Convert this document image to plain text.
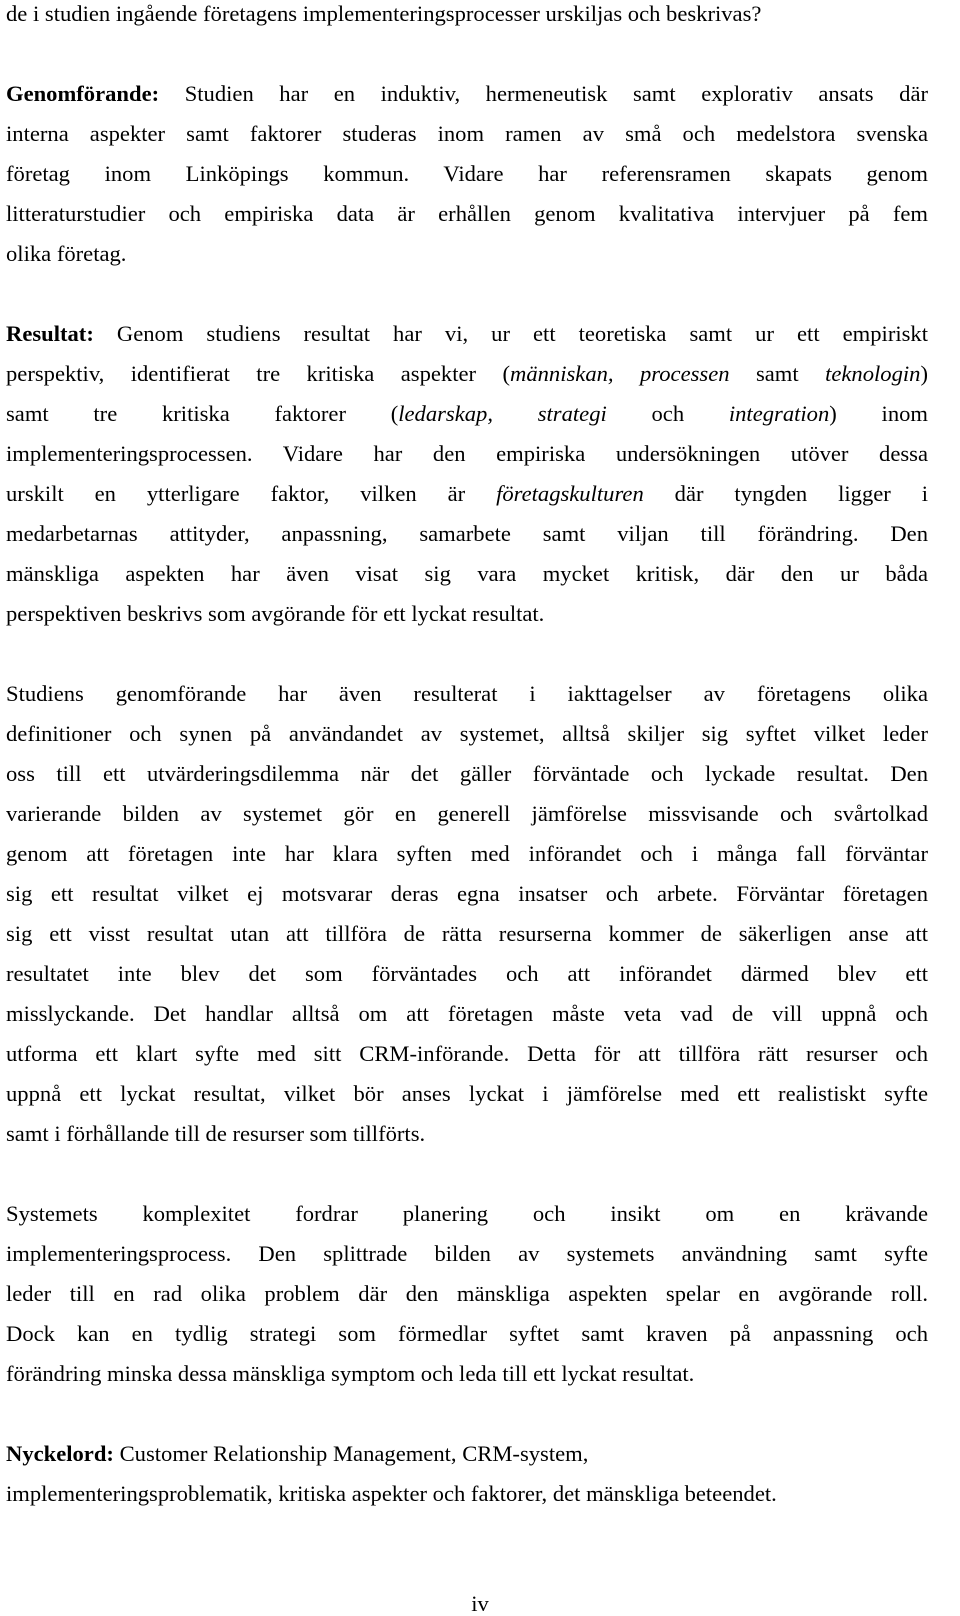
de i studien ingående företagens implementeringsprocesser urskiljas och beskrivas?
Genomförande: Studien har en induktiv, hermeneutisk samt explorativ ansats där
interna aspekter samt faktorer studeras inom ramen av små och medelstora svenska
företag inom Linköpings kommun. Vidare har referensramen skapats genom
litteraturstudier och empiriska data är erhållen genom kvalitativa intervjuer på fem
olika företag.
Resultat: Genom studiens resultat har vi, ur ett teoretiska samt ur ett empiriskt
perspektiv, identifierat tre kritiska aspekter (människan, processen samt teknologin)
samt tre kritiska faktorer (ledarskap, strategi och integration) inom
implementeringsprocessen. Vidare har den empiriska undersökningen utöver dessa
urskilt en ytterligare faktor, vilken är företagskulturen där tyngden ligger i
medarbetarnas attityder, anpassning, samarbete samt viljan till förändring. Den
mänskliga aspekten har även visat sig vara mycket kritisk, där den ur båda
perspektiven beskrivs som avgörande för ett lyckat resultat.
Studiens genomförande har även resulterat i iakttagelser av företagens olika
definitioner och synen på användandet av systemet, alltså skiljer sig syftet vilket leder
oss till ett utvärderingsdilemma när det gäller förväntade och lyckade resultat. Den
varierande bilden av systemet gör en generell jämförelse missvisande och svårtolkad
genom att företagen inte har klara syften med införandet och i många fall förväntar
sig ett resultat vilket ej motsvarar deras egna insatser och arbete. Förväntar företagen
sig ett visst resultat utan att tillföra de rätta resurserna kommer de säkerligen anse att
resultatet inte blev det som förväntades och att införandet därmed blev ett
misslyckande. Det handlar alltså om att företagen måste veta vad de vill uppnå och
utforma ett klart syfte med sitt CRM-införande. Detta för att tillföra rätt resurser och
uppnå ett lyckat resultat, vilket bör anses lyckat i jämförelse med ett realistiskt syfte
samt i förhållande till de resurser som tillförts.
Systemets komplexitet fordrar planering och insikt om en krävande
implementeringsprocess. Den splittrade bilden av systemets användning samt syfte
leder till en rad olika problem där den mänskliga aspekten spelar en avgörande roll.
Dock kan en tydlig strategi som förmedlar syftet samt kraven på anpassning och
förändring minska dessa mänskliga symptom och leda till ett lyckat resultat.
Nyckelord: Customer Relationship Management, CRM-system,
implementeringsproblematik, kritiska aspekter och faktorer, det mänskliga beteendet.
iv
